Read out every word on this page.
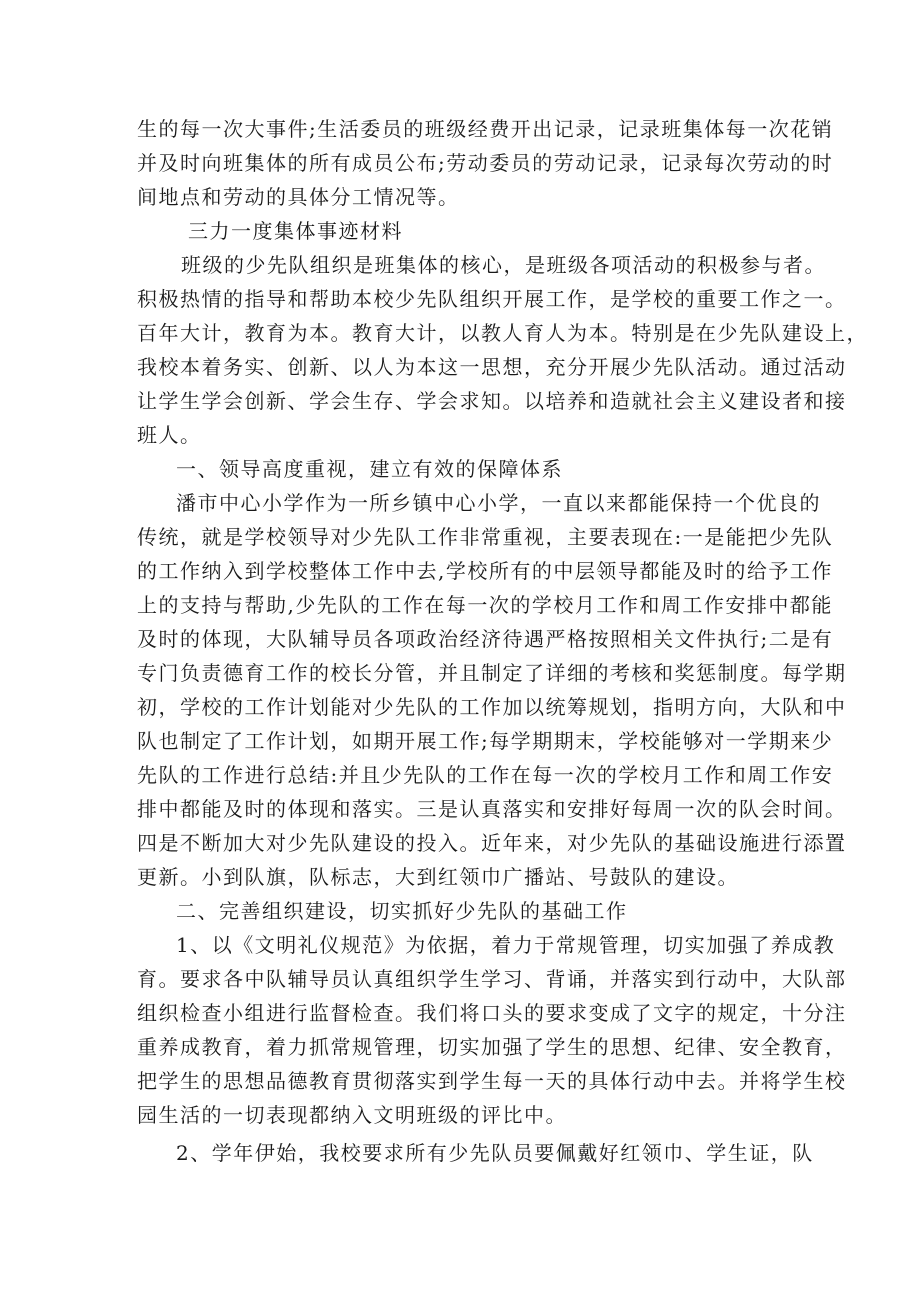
生的每一次大事件;生活委员的班级经费开出记录，记录班集体每一次花销
并及时向班集体的所有成员公布;劳动委员的劳动记录，记录每次劳动的时
间地点和劳动的具体分工情况等。
三力一度集体事迹材料
班级的少先队组织是班集体的核心，是班级各项活动的积极参与者。
积极热情的指导和帮助本校少先队组织开展工作，是学校的重要工作之一。
百年大计，教育为本。教育大计，以教人育人为本。特别是在少先队建设上，
我校本着务实、创新、以人为本这一思想，充分开展少先队活动。通过活动
让学生学会创新、学会生存、学会求知。以培养和造就社会主义建设者和接
班人。
一、领导高度重视，建立有效的保障体系
潘市中心小学作为一所乡镇中心小学，一直以来都能保持一个优良的
传统，就是学校领导对少先队工作非常重视，主要表现在:一是能把少先队
的工作纳入到学校整体工作中去,学校所有的中层领导都能及时的给予工作
上的支持与帮助,少先队的工作在每一次的学校月工作和周工作安排中都能
及时的体现，大队辅导员各项政治经济待遇严格按照相关文件执行;二是有
专门负责德育工作的校长分管，并且制定了详细的考核和奖惩制度。每学期
初，学校的工作计划能对少先队的工作加以统筹规划，指明方向，大队和中
队也制定了工作计划，如期开展工作;每学期期末，学校能够对一学期来少
先队的工作进行总结:并且少先队的工作在每一次的学校月工作和周工作安
排中都能及时的体现和落实。三是认真落实和安排好每周一次的队会时间。
四是不断加大对少先队建设的投入。近年来，对少先队的基础设施进行添置
更新。小到队旗，队标志，大到红领巾广播站、号鼓队的建设。
二、完善组织建设，切实抓好少先队的基础工作
1、以《文明礼仪规范》为依据，着力于常规管理，切实加强了养成教
育。要求各中队辅导员认真组织学生学习、背诵，并落实到行动中，大队部
组织检查小组进行监督检查。我们将口头的要求变成了文字的规定，十分注
重养成教育，着力抓常规管理，切实加强了学生的思想、纪律、安全教育，
把学生的思想品德教育贯彻落实到学生每一天的具体行动中去。并将学生校
园生活的一切表现都纳入文明班级的评比中。
2、学年伊始，我校要求所有少先队员要佩戴好红领巾、学生证，队
